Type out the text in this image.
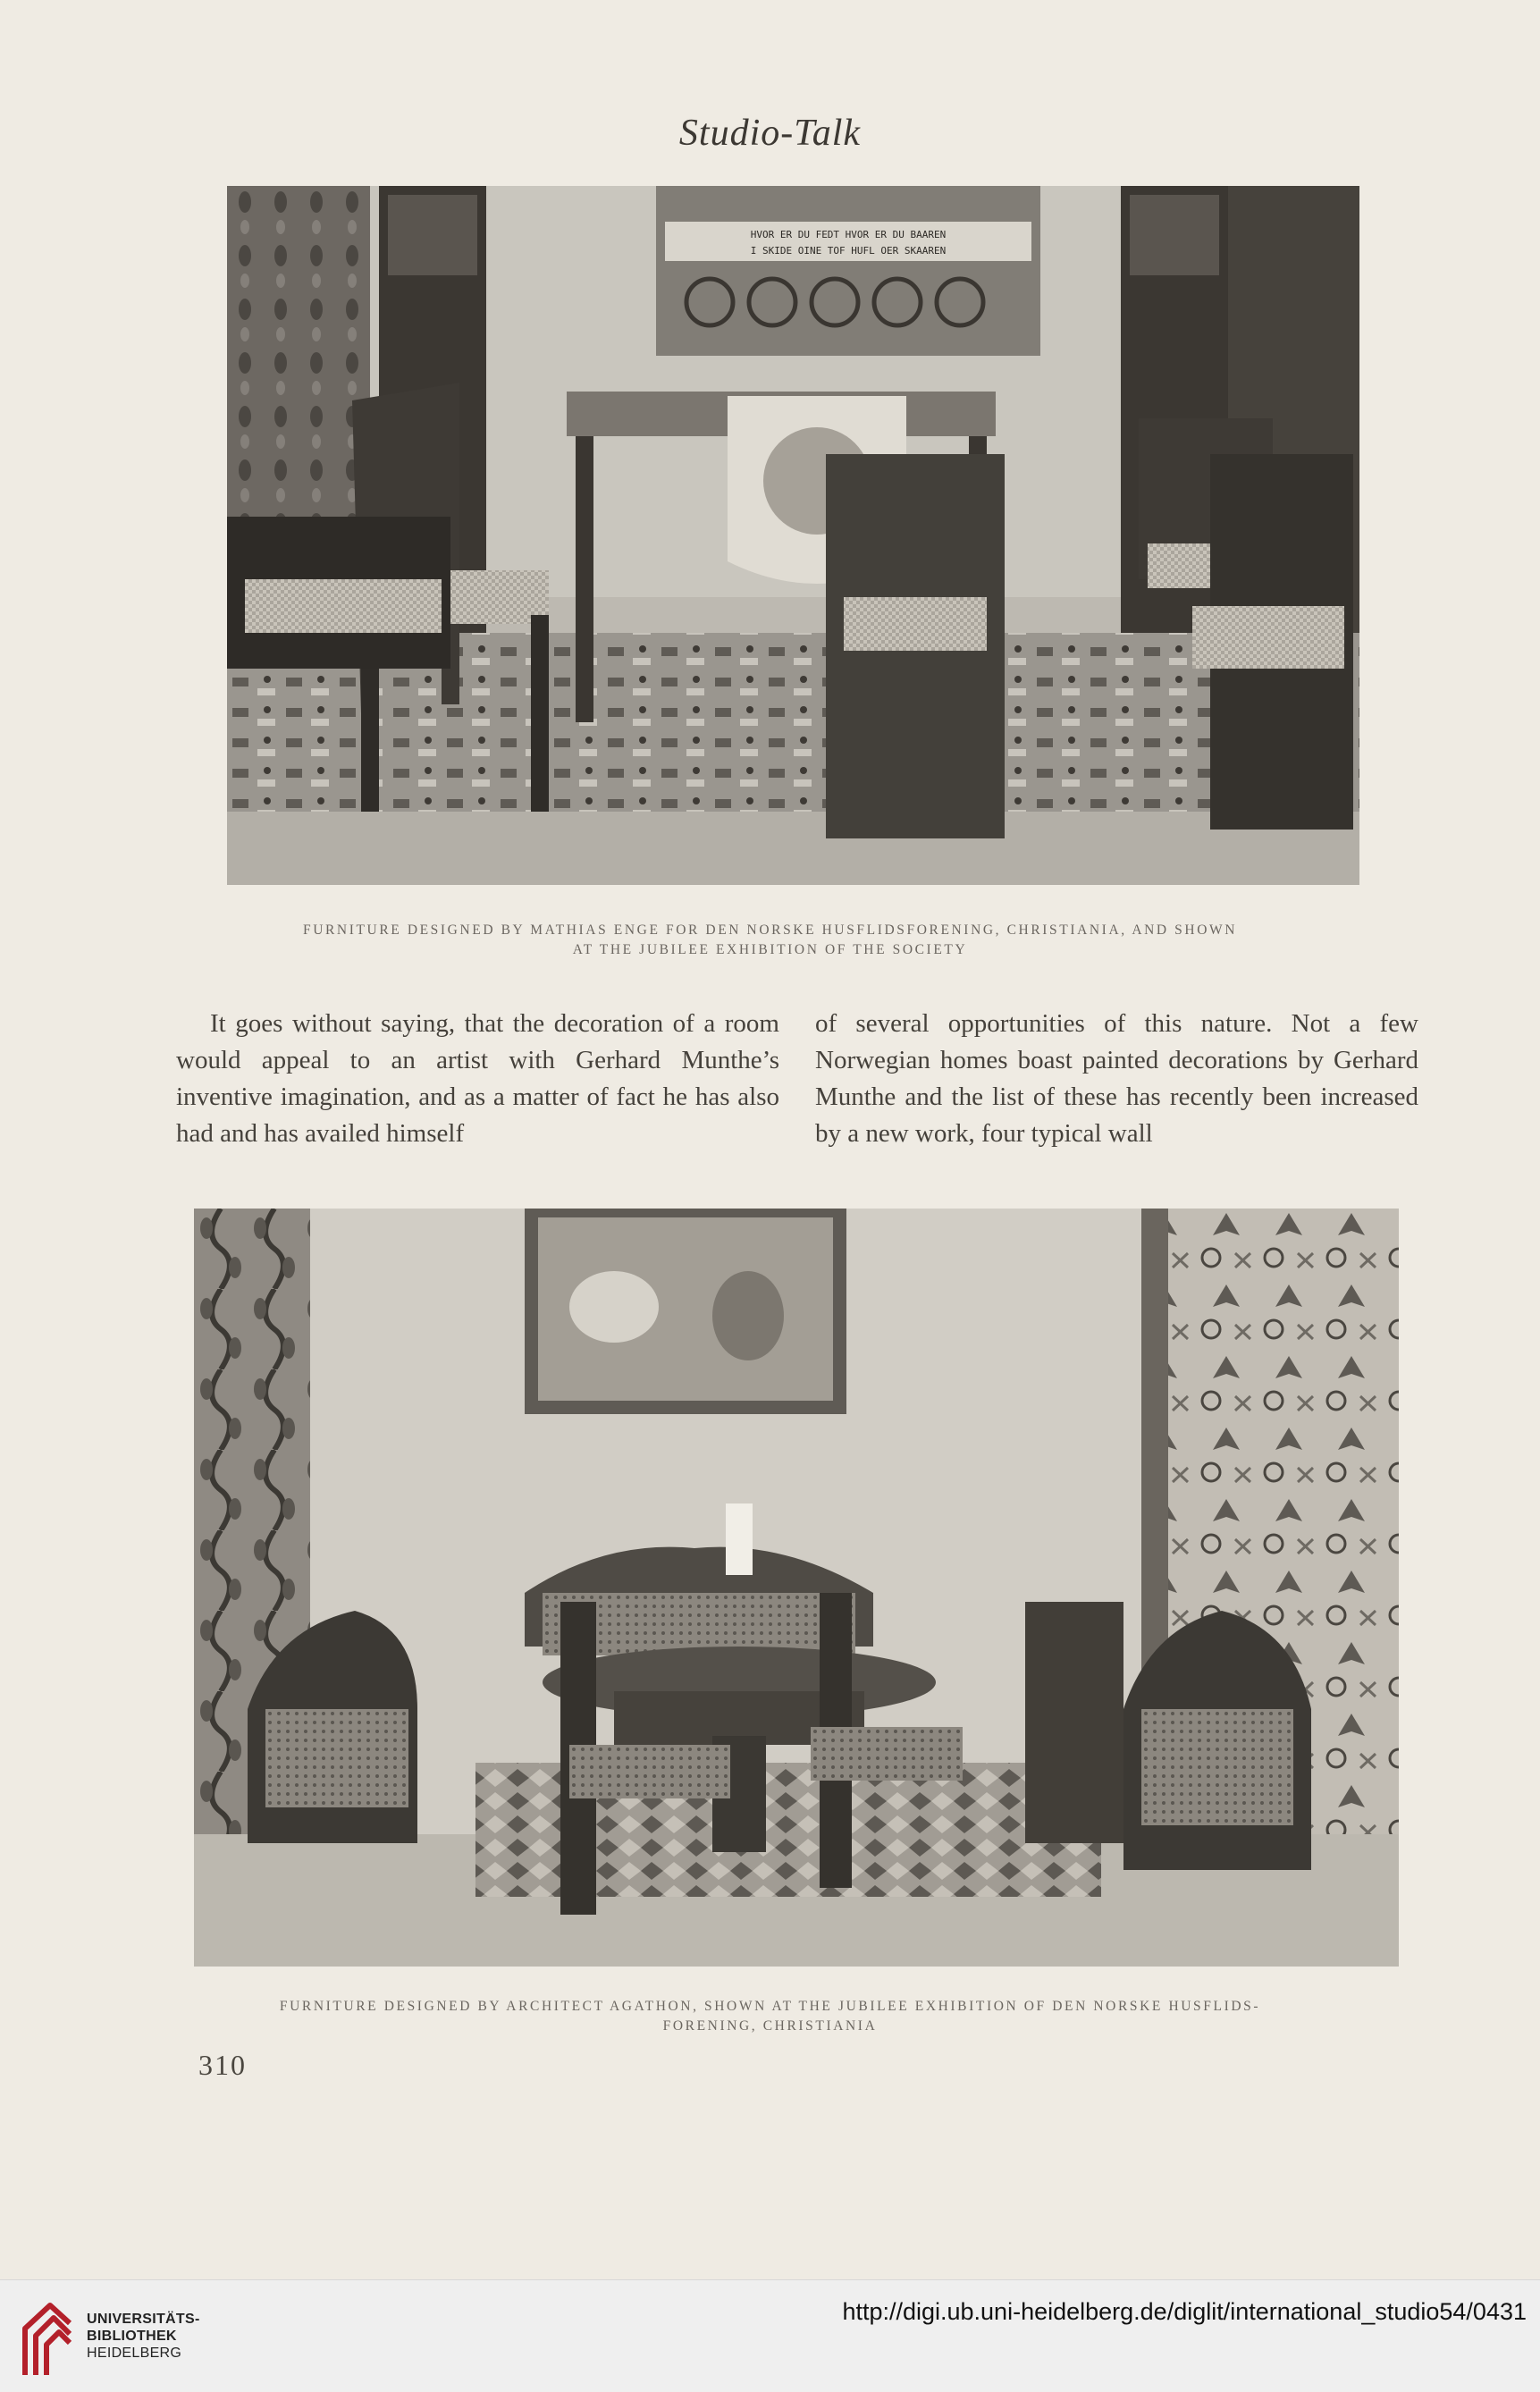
Studio-Talk
HVOR ER DU FEDT HVOR ER DU BAAREN
I SKIDE OINE TOF HUFL OER SKAAREN
FURNITURE DESIGNED BY MATHIAS ENGE FOR DEN NORSKE HUSFLIDSFORENING, CHRISTIANIA, AND SHOWN
AT THE JUBILEE EXHIBITION OF THE SOCIETY

It goes without saying, that the decoration of a room would appeal to an artist with Gerhard Munthe’s inventive imagination, and as a matter of fact he has also had and has availed himself

of several opportunities of this nature. Not a few Norwegian homes boast painted decorations by Gerhard Munthe and the list of these has recently been increased by a new work, four typical wall

FURNITURE DESIGNED BY ARCHITECT AGATHON, SHOWN AT THE JUBILEE EXHIBITION OF DEN NORSKE HUSFLIDS-
FORENING, CHRISTIANIA
310
UNIVERSITÄTS-
BIBLIOTHEK
HEIDELBERG
http://digi.ub.uni-heidelberg.de/diglit/international_studio54/0431
